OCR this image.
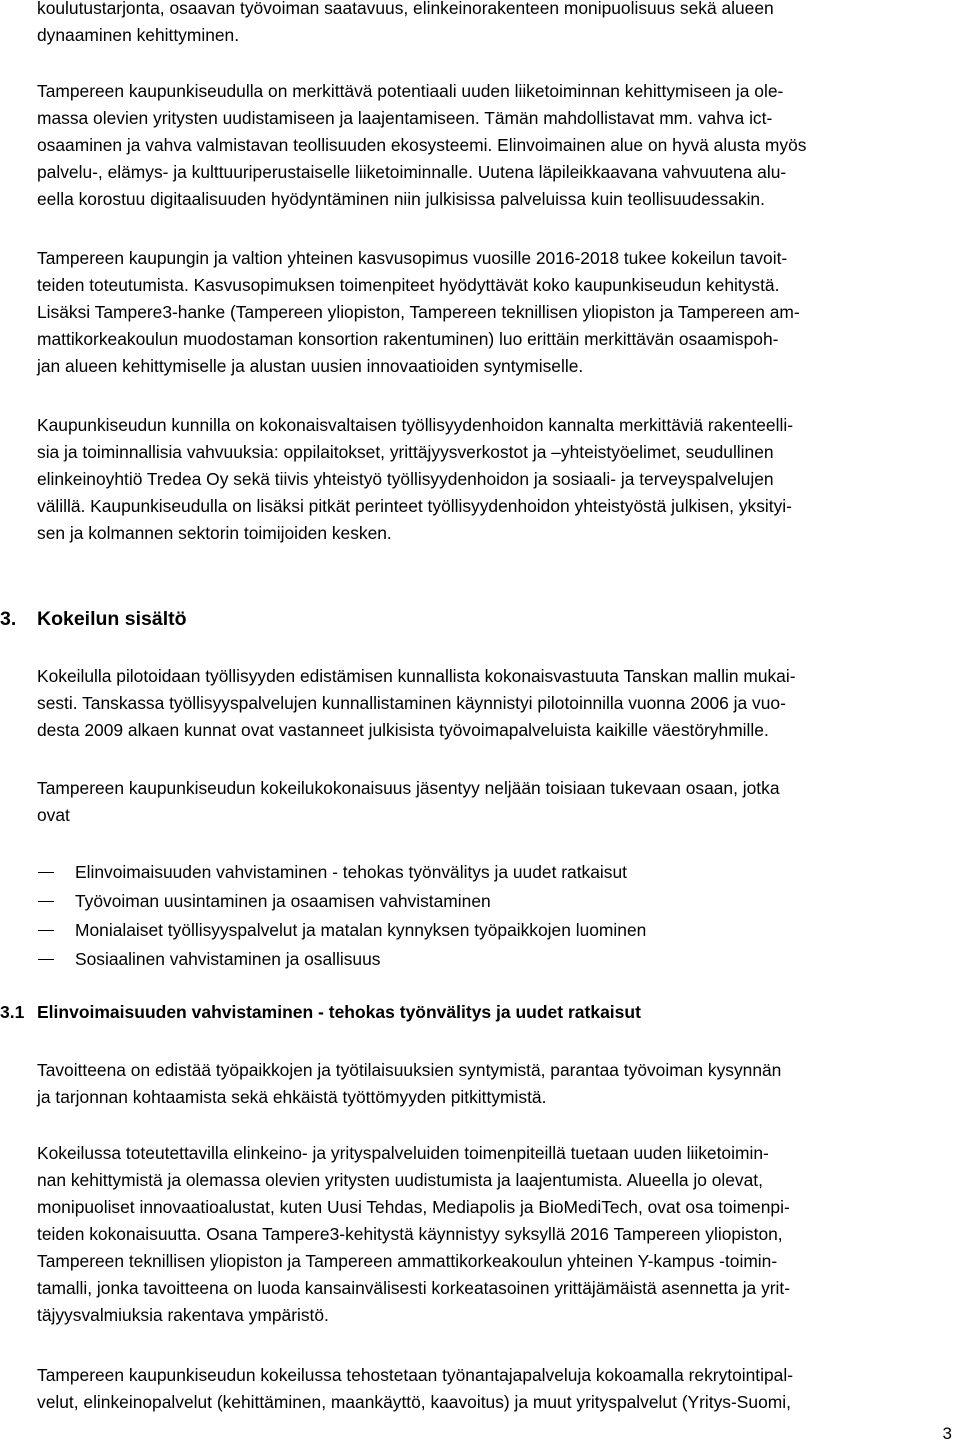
koulutustarjonta, osaavan työvoiman saatavuus, elinkeinorakenteen monipuolisuus sekä alueen
dynaaminen kehittyminen.
Tampereen kaupunkiseudulla on merkittävä potentiaali uuden liiketoiminnan kehittymiseen ja ole-
massa olevien yritysten uudistamiseen ja laajentamiseen. Tämän mahdollistavat mm. vahva ict-
osaaminen ja vahva valmistavan teollisuuden ekosysteemi. Elinvoimainen alue on hyvä alusta myös
palvelu-, elämys- ja kulttuuriperustaiselle liiketoiminnalle. Uutena läpileikkaavana vahvuutena alu-
eella korostuu digitaalisuuden hyödyntäminen niin julkisissa palveluissa kuin teollisuudessakin.
Tampereen kaupungin ja valtion yhteinen kasvusopimus vuosille 2016-2018 tukee kokeilun tavoit-
teiden toteutumista. Kasvusopimuksen toimenpiteet hyödyttävät koko kaupunkiseudun kehitystä.
Lisäksi Tampere3-hanke (Tampereen yliopiston, Tampereen teknillisen yliopiston ja Tampereen am-
mattikorkeakoulun muodostaman konsortion rakentuminen) luo erittäin merkittävän osaamispoh-
jan alueen kehittymiselle ja alustan uusien innovaatioiden syntymiselle.
Kaupunkiseudun kunnilla on kokonaisvaltaisen työllisyydenhoidon kannalta merkittäviä rakenteelli-
sia ja toiminnallisia vahvuuksia: oppilaitokset, yrittäjyysverkostot ja –yhteistyöelimet, seudullinen
elinkeinoyhtiö Tredea Oy sekä tiivis yhteistyö työllisyydenhoidon ja sosiaali- ja terveyspalvelujen
välillä. Kaupunkiseudulla on lisäksi pitkät perinteet työllisyydenhoidon yhteistyöstä julkisen, yksityi-
sen ja kolmannen sektorin toimijoiden kesken.
3. Kokeilun sisältö
Kokeilulla pilotoidaan työllisyyden edistämisen kunnallista kokonaisvastuuta Tanskan mallin mukai-
sesti. Tanskassa työllisyyspalvelujen kunnallistaminen käynnistyi pilotoinnilla vuonna 2006 ja vuo-
desta 2009 alkaen kunnat ovat vastanneet julkisista työvoimapalveluista kaikille väestöryhmille.
Tampereen kaupunkiseudun kokeilukokonaisuus jäsentyy neljään toisiaan tukevaan osaan, jotka
ovat
Elinvoimaisuuden vahvistaminen - tehokas työnvälitys ja uudet ratkaisut
Työvoiman uusintaminen ja osaamisen vahvistaminen
Monialaiset työllisyyspalvelut ja matalan kynnyksen työpaikkojen luominen
Sosiaalinen vahvistaminen ja osallisuus
3.1 Elinvoimaisuuden vahvistaminen - tehokas työnvälitys ja uudet ratkaisut
Tavoitteena on edistää työpaikkojen ja työtilaisuuksien syntymistä, parantaa työvoiman kysynnän
ja tarjonnan kohtaamista sekä ehkäistä työttömyyden pitkittymistä.
Kokeilussa toteutettavilla elinkeino- ja yrityspalveluiden toimenpiteillä tuetaan uuden liiketoimin-
nan kehittymistä ja olemassa olevien yritysten uudistumista ja laajentumista. Alueella jo olevat,
monipuoliset innovaatioalustat, kuten Uusi Tehdas, Mediapolis ja BioMediTech, ovat osa toimenpi-
teiden kokonaisuutta. Osana Tampere3-kehitystä käynnistyy syksyllä 2016 Tampereen yliopiston,
Tampereen teknillisen yliopiston ja Tampereen ammattikorkeakoulun yhteinen Y-kampus -toimin-
tamalli, jonka tavoitteena on luoda kansainvälisesti korkeatasoinen yrittäjämäistä asennetta ja yrit-
täjyysvalmiuksia rakentava ympäristö.
Tampereen kaupunkiseudun kokeilussa tehostetaan työnantajapalveluja kokoamalla rekrytointipal-
velut, elinkeinopalvelut (kehittäminen, maankäyttö, kaavoitus) ja muut yrityspalvelut (Yritys-Suomi,
3
